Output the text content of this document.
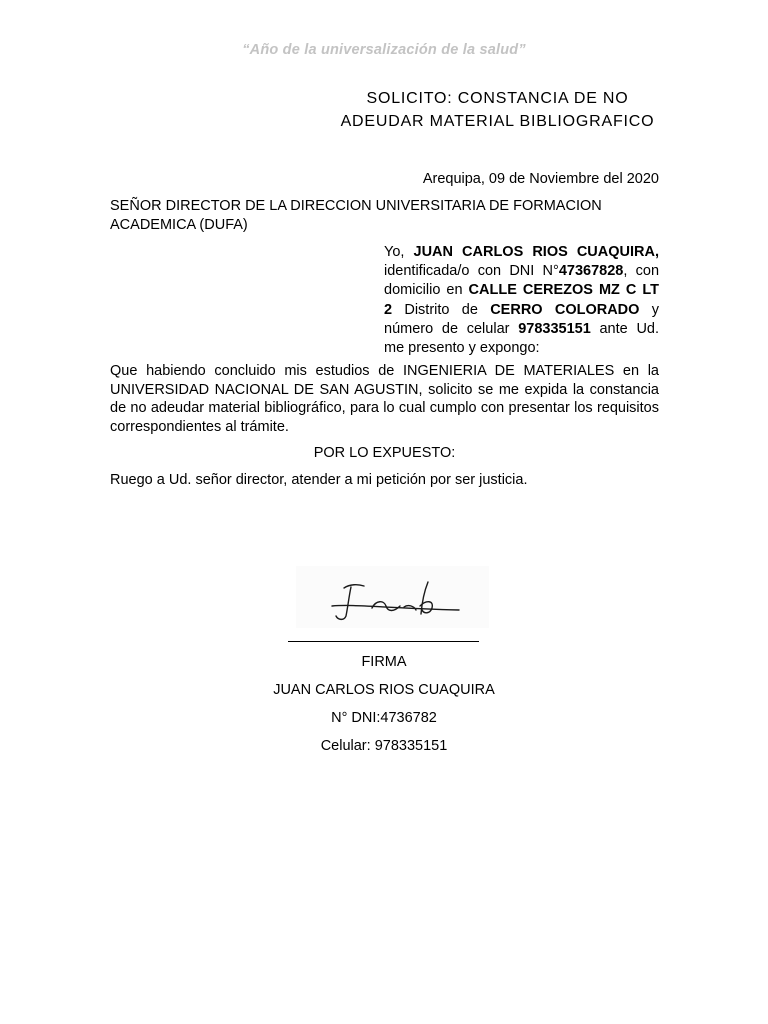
“Año de la universalización de la salud”
SOLICITO: CONSTANCIA DE NO
ADEUDAR MATERIAL BIBLIOGRAFICO
Arequipa, 09 de Noviembre del 2020
SEÑOR DIRECTOR DE LA DIRECCION UNIVERSITARIA DE FORMACION ACADEMICA (DUFA)
Yo, JUAN CARLOS RIOS CUAQUIRA, identificada/o con DNI N°47367828, con domicilio en CALLE CEREZOS MZ C LT 2 Distrito de CERRO COLORADO y número de celular 978335151 ante Ud. me presento y expongo:
Que habiendo concluido mis estudios de INGENIERIA DE MATERIALES en la UNIVERSIDAD NACIONAL DE SAN AGUSTIN, solicito se me expida la constancia de no adeudar material bibliográfico, para lo cual cumplo con presentar los requisitos correspondientes al trámite.
POR LO EXPUESTO:
Ruego a Ud. señor director, atender a mi petición por ser justicia.
FIRMA
JUAN CARLOS RIOS CUAQUIRA
N° DNI:4736782
Celular: 978335151
